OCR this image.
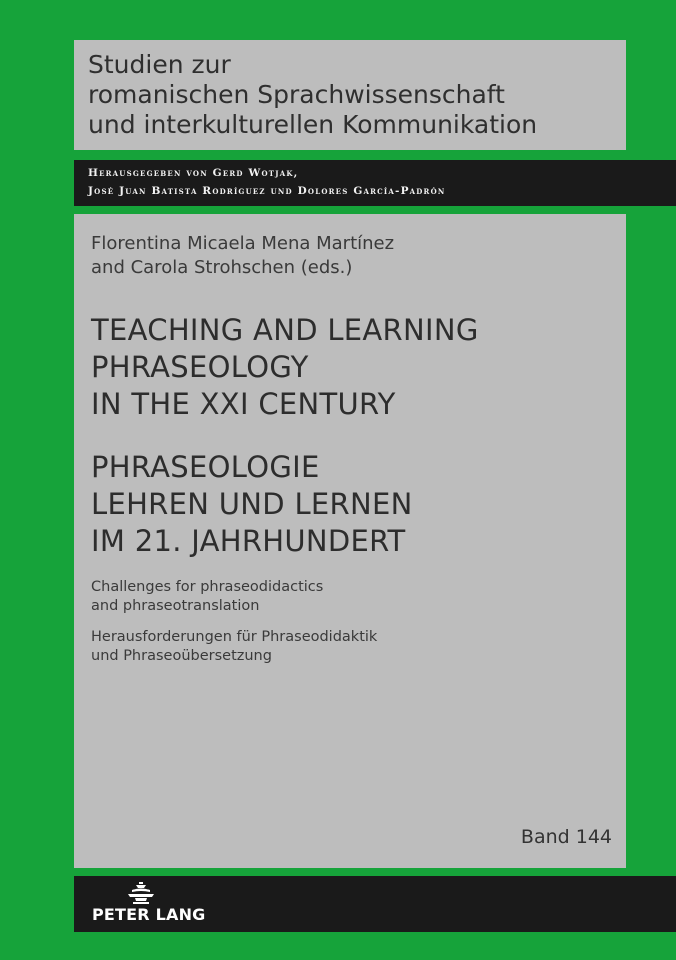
Studien zur
romanischen Sprachwissenschaft
und interkulturellen Kommunikation
Herausgegeben von Gerd Wotjak,
José Juan Batista Rodríguez und Dolores García-Padrón
Florentina Micaela Mena Martínez
and Carola Strohschen (eds.)
TEACHING AND LEARNING
PHRASEOLOGY
IN THE XXI CENTURY
PHRASEOLOGIE
LEHREN UND LERNEN
IM 21. JAHRHUNDERT
Challenges for phraseodidactics
and phraseotranslation
Herausforderungen für Phraseodidaktik
und Phraseoübersetzung
Band 144
PETER LANG
